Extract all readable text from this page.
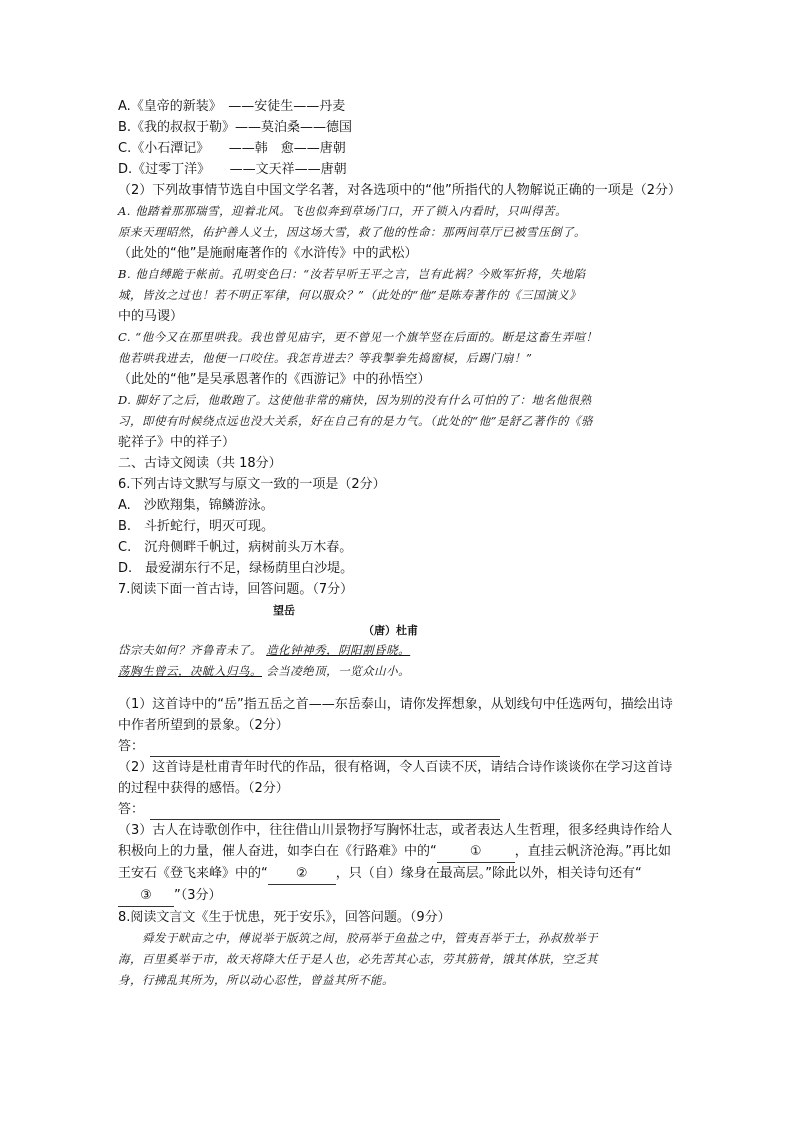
A.《皇帝的新装》　——安徒生——丹麦
B.《我的叔叔于勒》——莫泊桑——德国
C.《小石潭记》　　——韩　愈——唐朝
D.《过零丁洋》　　——文天祥——唐朝
（2）下列故事情节选自中国文学名著，对各选项中的“他”所指代的人物解说正确的一项是（2分）
A. 他踏着那那瑞雪，迎着北风。飞也似奔到草场门口，开了锁入内看时，只叫得苦。
原来天理昭然，佑护善人义士，因这场大雪，救了他的性命：那两间草厅已被雪压倒了。
（此处的“他”是施耐庵著作的《水浒传》中的武松）
B. 他自缚跪于帐前。孔明变色曰：“汝若早听王平之言，岂有此祸？今败军折将，失地陷
城，皆汝之过也！若不明正军律，何以服众？”（此处的“他”是陈寿著作的《三国演义》
中的马谡）
C. “他今又在那里哄我。我也曾见庙宇，更不曾见一个旗竿竖在后面的。断是这畜生弄喧！
他若哄我进去，他便一口咬住。我怎肯进去？等我掣拳先捣窗棂，后踢门扇！”
（此处的“他”是吴承恩著作的《西游记》中的孙悟空）
D. 脚好了之后，他敢跑了。这使他非常的痛快，因为别的没有什么可怕的了：地名他很熟
习，即使有时候绕点远也没大关系，好在自己有的是力气。（此处的“他”是舒乙著作的《骆
驼祥子》中的祥子）
二、古诗文阅读（共 18分）
6.下列古诗文默写与原文一致的一项是（2分）
A.　沙欧翔集，锦鳞游泳。
B.　斗折蛇行，明灭可现。
C.　沉舟侧畔千帆过，病树前头万木春。
D.　最爱湖东行不足，绿杨荫里白沙堤。
7.阅读下面一首古诗，回答问题。（7分）
望岳
（唐）杜甫
岱宗夫如何？齐鲁青未了。 造化钟神秀，阴阳割昏晓。
荡胸生曾云，决眦入归鸟。 会当凌绝顶，一览众山小。
（1）这首诗中的“岳”指五岳之首——东岳泰山，请你发挥想象，从划线句中任选两句，描绘出诗中作者所望到的景象。（2分）
答：
（2）这首诗是杜甫青年时代的作品，很有格调，令人百读不厌，请结合诗作谈谈你在学习这首诗的过程中获得的感悟。（2分）
答：
（3）古人在诗歌创作中，往往借山川景物抒写胸怀壮志，或者表达人生哲理，很多经典诗作给人积极向上的力量，催人奋进，如李白在《行路难》中的“	①	，直挂云帆济沧海。”再比如王安石《登飞来峰》中的“ ② ，只（自）缘身在最高层。”除此以外，相关诗句还有“③ ”（3分）
8.阅读文言文《生于忧患，死于安乐》，回答问题。（9分）
舜发于畎亩之中，傅说举于版筑之间，胶鬲举于鱼盐之中，管夷吾举于士，孙叔敖举于
海，百里奚举于市，故天将降大任于是人也，必先苦其心志，劳其筋骨，饿其体肤，空乏其
身，行拂乱其所为，所以动心忍性，曾益其所不能。
